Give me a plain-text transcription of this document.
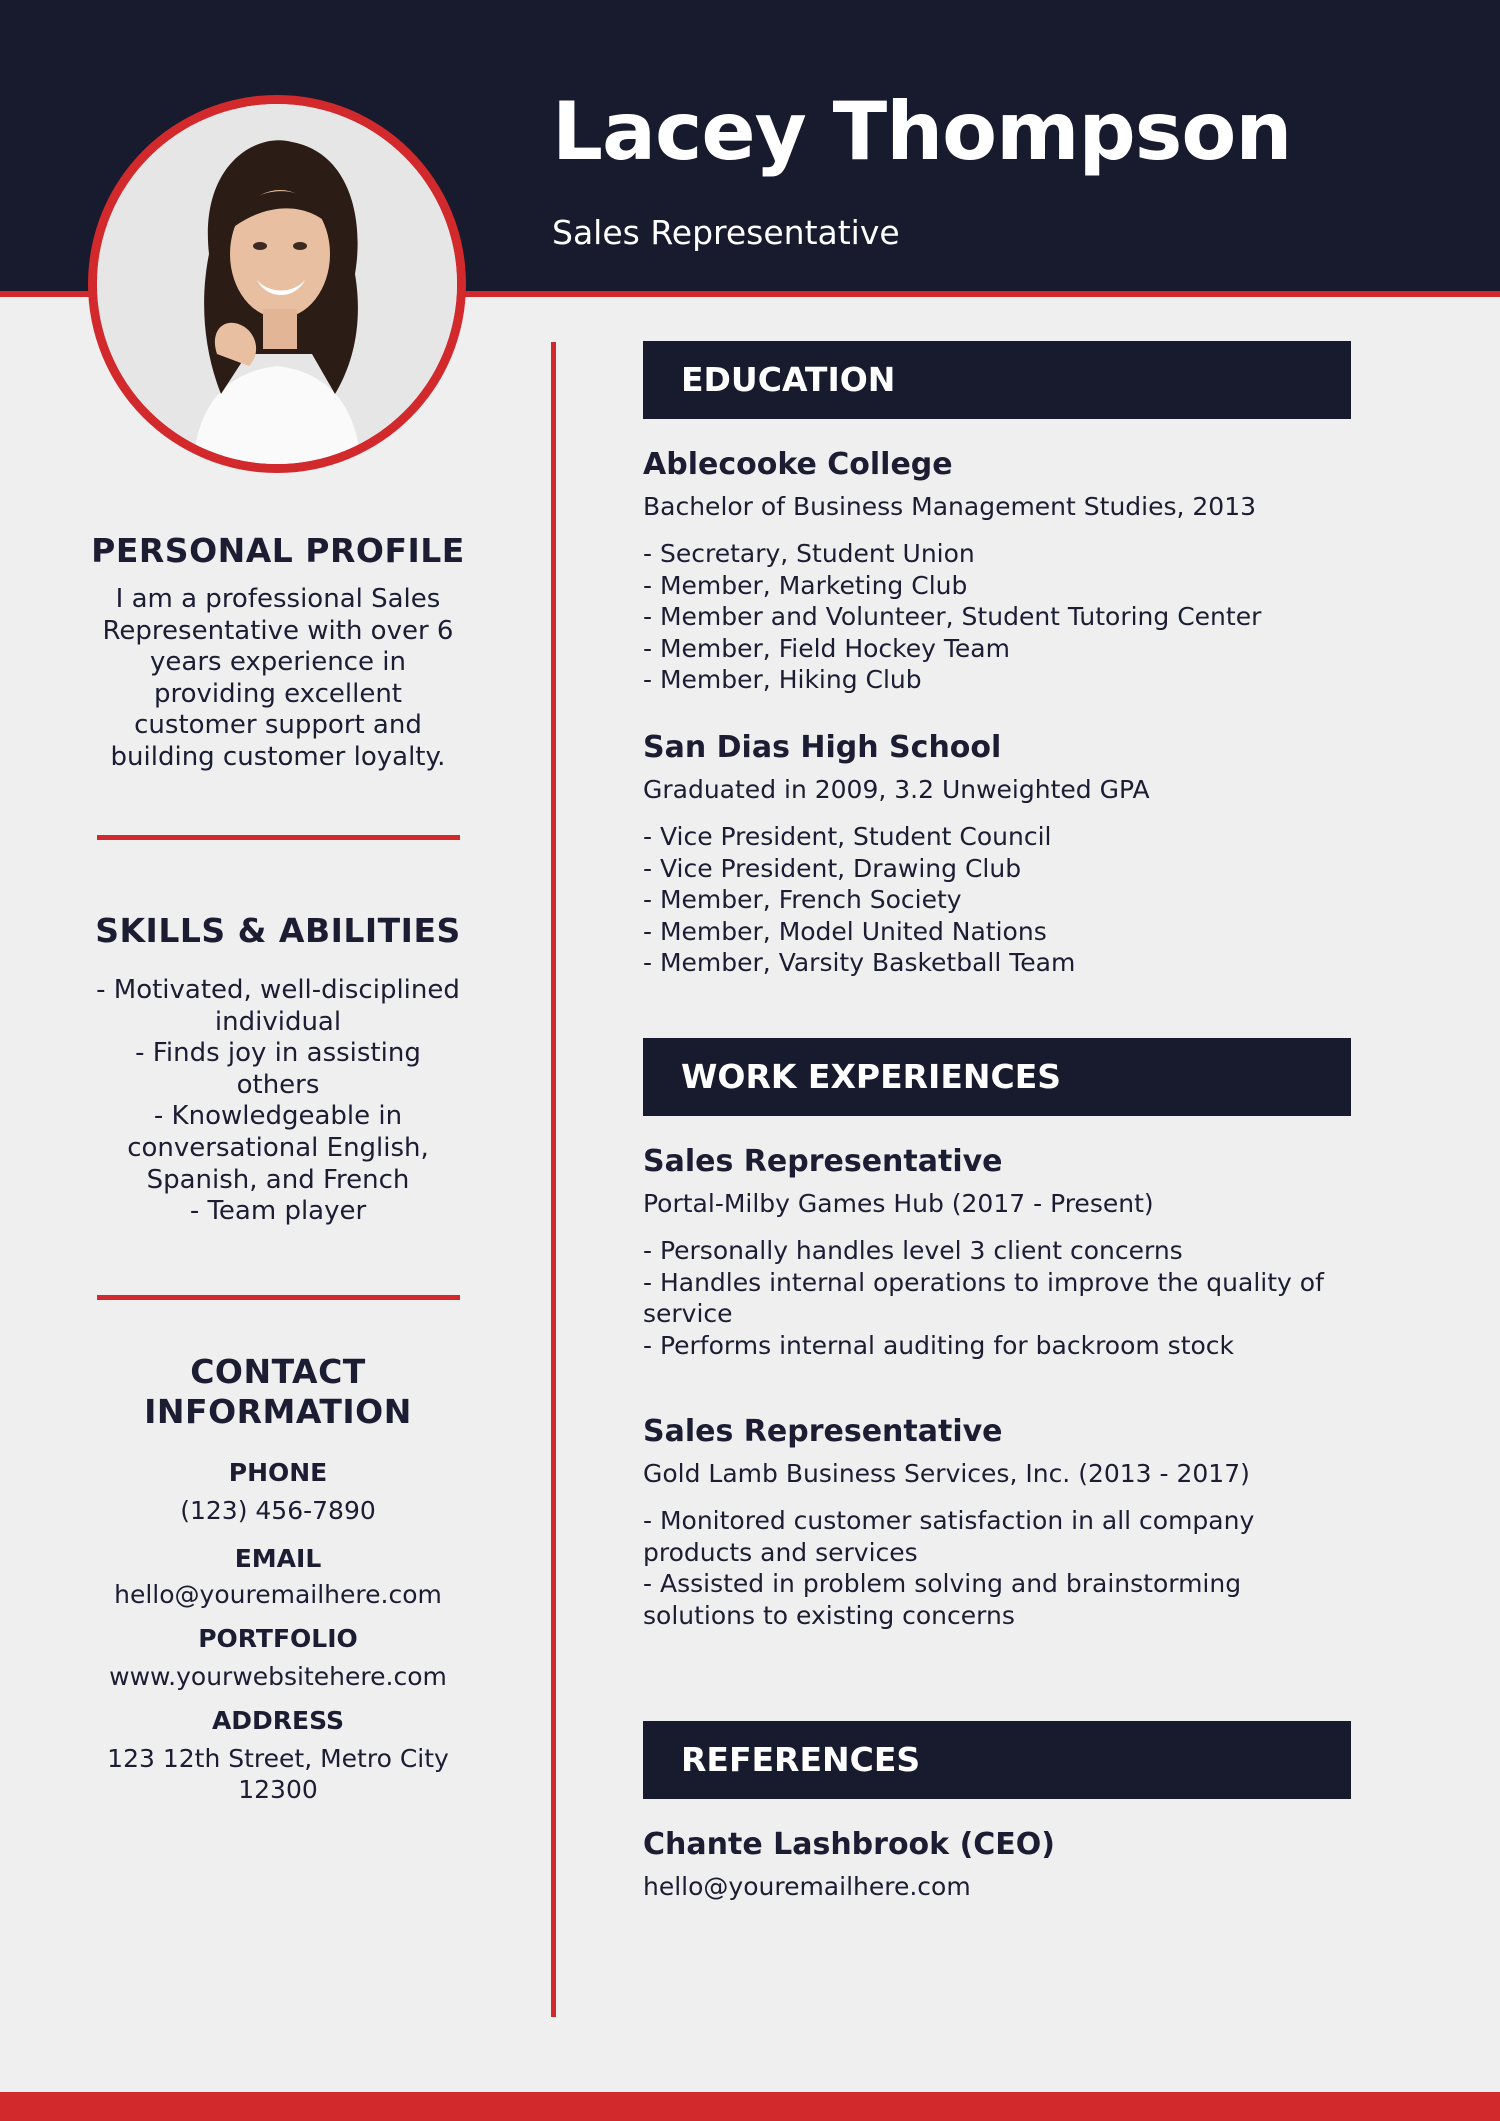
Lacey Thompson
Sales Representative
PERSONAL PROFILE
I am a professional Sales
Representative with over 6
years experience in
providing excellent
customer support and
building customer loyalty.
SKILLS & ABILITIES
- Motivated, well-disciplined
individual
- Finds joy in assisting
others
- Knowledgeable in
conversational English,
Spanish, and French
- Team player
CONTACT
INFORMATION
PHONE
(123) 456-7890
EMAIL
hello@youremailhere.com
PORTFOLIO
www.yourwebsitehere.com
ADDRESS
123 12th Street, Metro City
12300
EDUCATION
Ablecooke College
Bachelor of Business Management Studies, 2013
- Secretary, Student Union
- Member, Marketing Club
- Member and Volunteer, Student Tutoring Center
- Member, Field Hockey Team
- Member, Hiking Club
San Dias High School
Graduated in 2009, 3.2 Unweighted GPA
- Vice President, Student Council
- Vice President, Drawing Club
- Member, French Society
- Member, Model United Nations
- Member, Varsity Basketball Team
WORK EXPERIENCES
Sales Representative
Portal-Milby Games Hub (2017 - Present)
- Personally handles level 3 client concerns
- Handles internal operations to improve the quality of
service
- Performs internal auditing for backroom stock
Sales Representative
Gold Lamb Business Services, Inc. (2013 - 2017)
- Monitored customer satisfaction in all company
products and services
- Assisted in problem solving and brainstorming
solutions to existing concerns
REFERENCES
Chante Lashbrook (CEO)
hello@youremailhere.com
